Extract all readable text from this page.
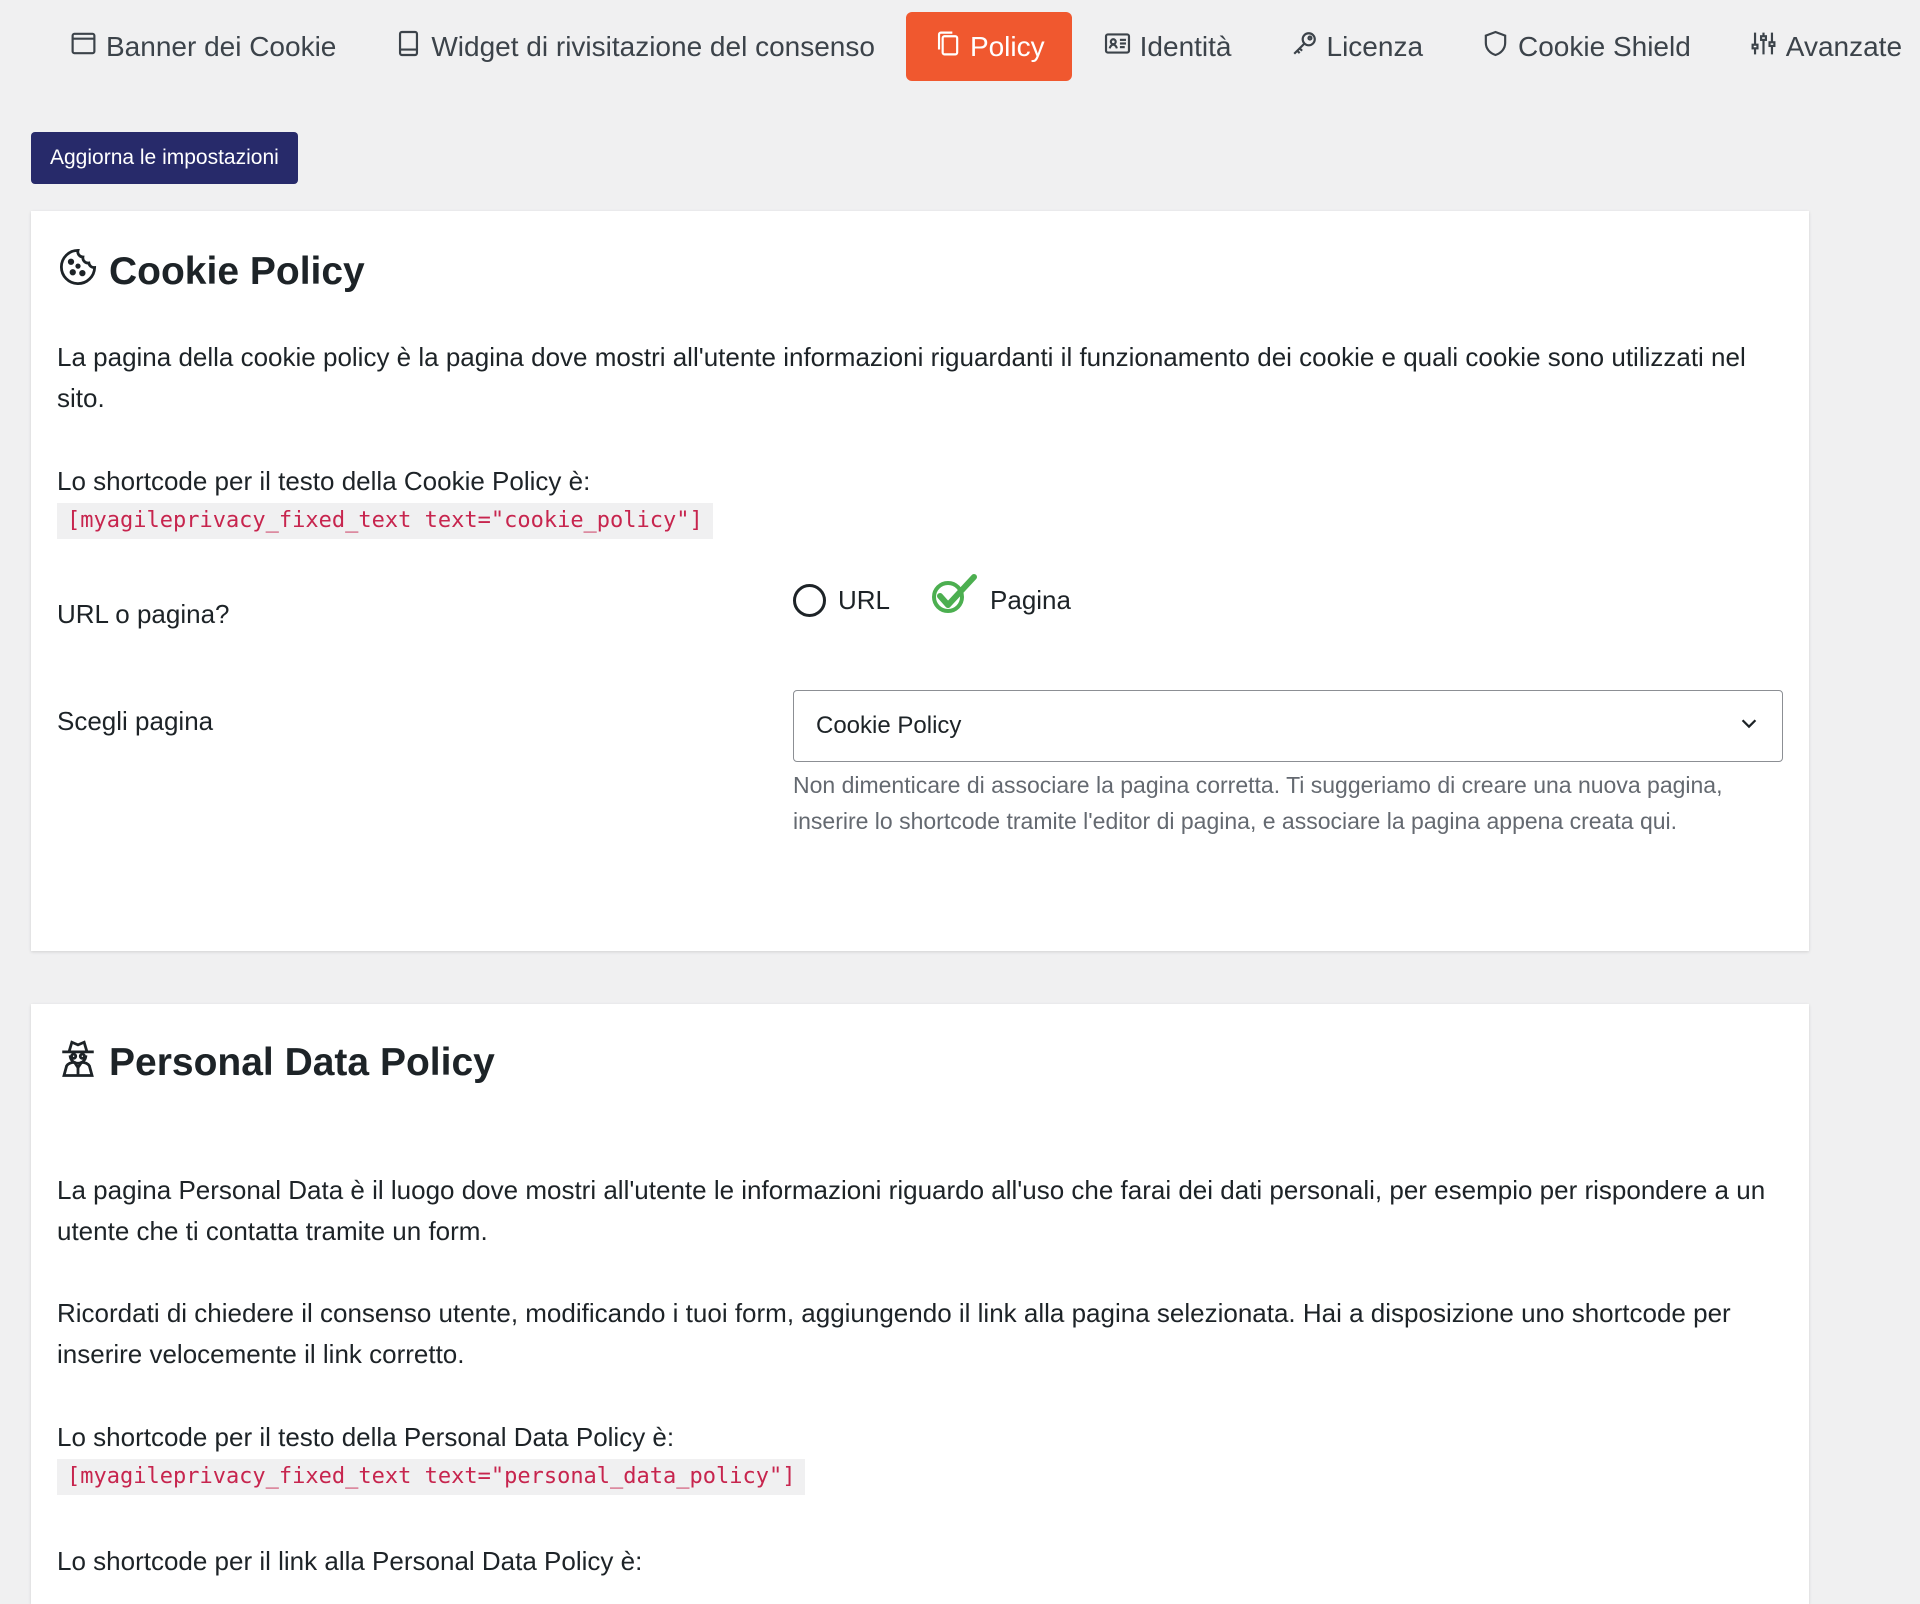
Banner dei Cookie	Widget di rivisitazione del consenso	Policy	Identità	Licenza	Cookie Shield	Avanzate
Aggiorna le impostazioni
Cookie Policy

La pagina della cookie policy è la pagina dove mostri all'utente informazioni riguardanti il funzionamento dei cookie e quali cookie sono utilizzati nel sito.

Lo shortcode per il testo della Cookie Policy è:

[myagileprivacy_fixed_text text="cookie_policy"]
URL o pagina?	URL	Pagina
Scegli pagina	Cookie Policy

Non dimenticare di associare la pagina corretta. Ti suggeriamo di creare una nuova pagina, inserire lo shortcode tramite l'editor di pagina, e associare la pagina appena creata qui.

Personal Data Policy

La pagina Personal Data è il luogo dove mostri all'utente le informazioni riguardo all'uso che farai dei dati personali, per esempio per rispondere a un utente che ti contatta tramite un form.

Ricordati di chiedere il consenso utente, modificando i tuoi form, aggiungendo il link alla pagina selezionata. Hai a disposizione uno shortcode per inserire velocemente il link corretto.

Lo shortcode per il testo della Personal Data Policy è:

[myagileprivacy_fixed_text text="personal_data_policy"]

Lo shortcode per il link alla Personal Data Policy è:
